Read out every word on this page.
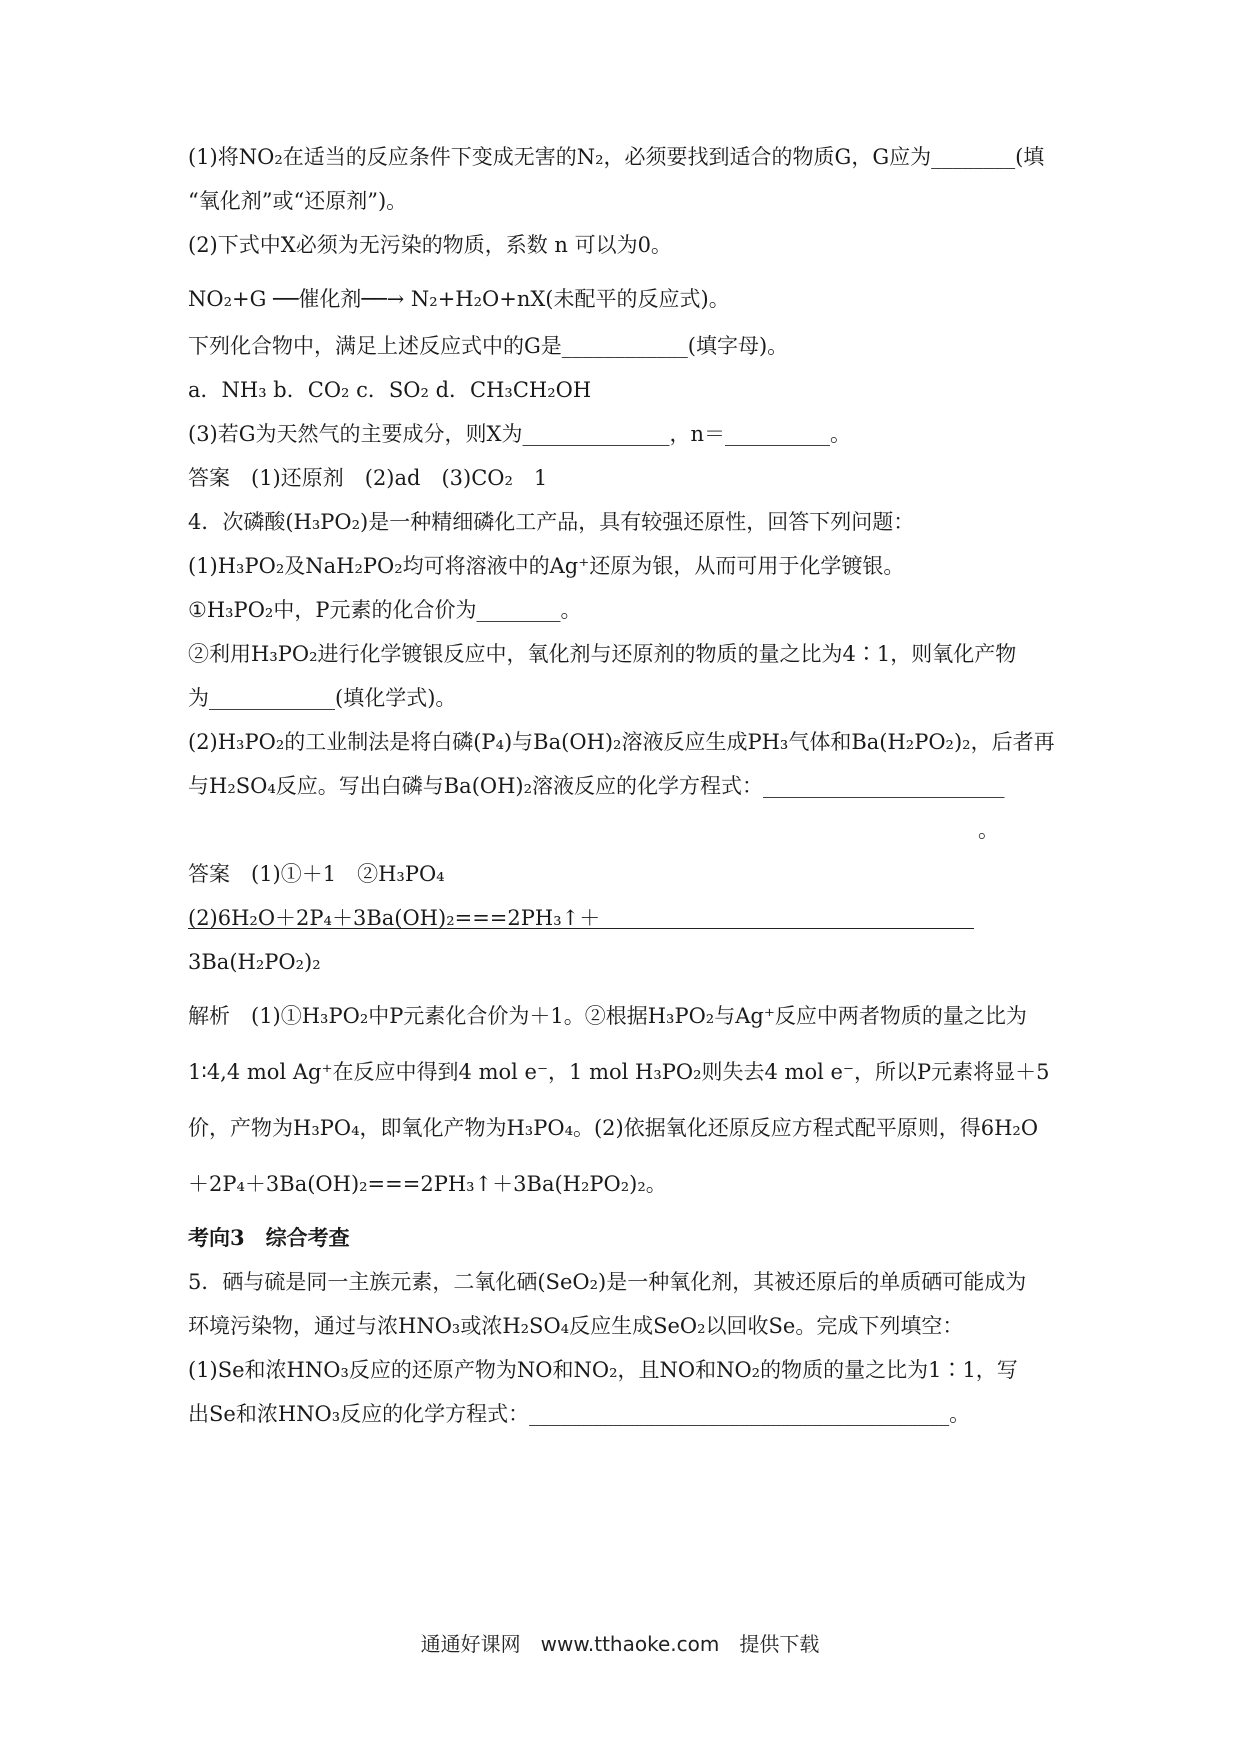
(1)将NO₂在适当的反应条件下变成无害的N₂，必须要找到适合的物质G，G应为________(填
“氧化剂”或“还原剂”)。
(2)下式中X必须为无污染的物质，系数 n 可以为0。
NO₂+G ──催化剂──→ N₂+H₂O+nX(未配平的反应式)。
下列化合物中，满足上述反应式中的G是____________(填字母)。
a．NH₃ b．CO₂ c．SO₂ d．CH₃CH₂OH
(3)若G为天然气的主要成分，则X为______________，n＝__________。
答案　(1)还原剂　(2)ad　(3)CO₂　1
4．次磷酸(H₃PO₂)是一种精细磷化工产品，具有较强还原性，回答下列问题：
(1)H₃PO₂及NaH₂PO₂均可将溶液中的Ag⁺还原为银，从而可用于化学镀银。
①H₃PO₂中，P元素的化合价为________。
②利用H₃PO₂进行化学镀银反应中，氧化剂与还原剂的物质的量之比为4∶1，则氧化产物
为____________(填化学式)。
(2)H₃PO₂的工业制法是将白磷(P₄)与Ba(OH)₂溶液反应生成PH₃气体和Ba(H₂PO₂)₂，后者再
与H₂SO₄反应。写出白磷与Ba(OH)₂溶液反应的化学方程式：_______________________
。
答案　(1)①＋1　②H₃PO₄
(2)6H₂O＋2P₄＋3Ba(OH)₂===2PH₃↑＋
3Ba(H₂PO₂)₂
解析　(1)①H₃PO₂中P元素化合价为＋1。②根据H₃PO₂与Ag⁺反应中两者物质的量之比为
1∶4,4 mol Ag⁺在反应中得到4 mol e⁻，1 mol H₃PO₂则失去4 mol e⁻，所以P元素将显＋5
价，产物为H₃PO₄，即氧化产物为H₃PO₄。(2)依据氧化还原反应方程式配平原则，得6H₂O
＋2P₄＋3Ba(OH)₂===2PH₃↑＋3Ba(H₂PO₂)₂。
考向3　综合考查
5．硒与硫是同一主族元素，二氧化硒(SeO₂)是一种氧化剂，其被还原后的单质硒可能成为
环境污染物，通过与浓HNO₃或浓H₂SO₄反应生成SeO₂以回收Se。完成下列填空：
(1)Se和浓HNO₃反应的还原产物为NO和NO₂，且NO和NO₂的物质的量之比为1∶1，写
出Se和浓HNO₃反应的化学方程式：________________________________________。
通通好课网　www.tthaoke.com　提供下载
